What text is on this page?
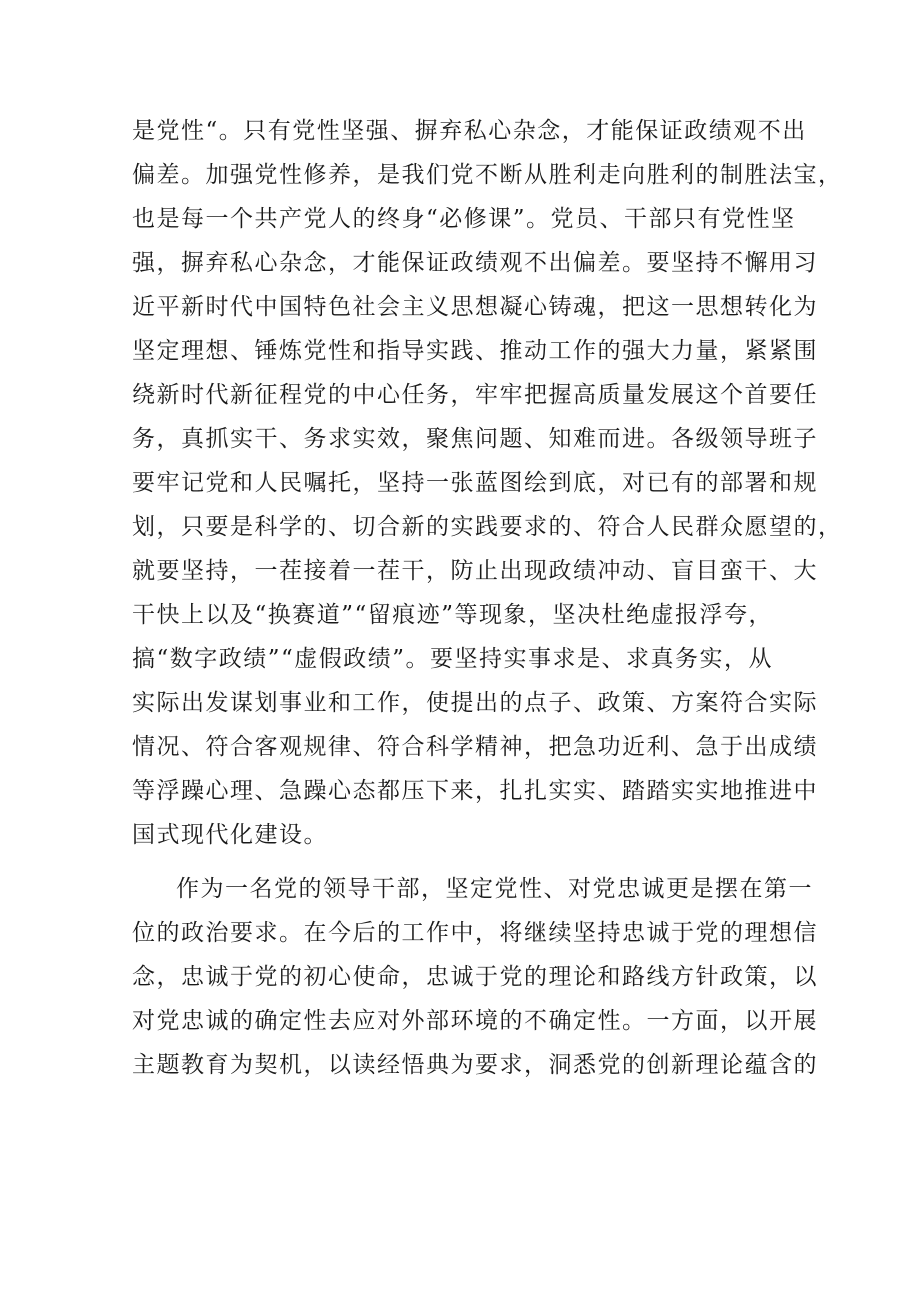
是党性“。只有党性坚强、摒弃私心杂念，才能保证政绩观不出
偏差。加强党性修养，是我们党不断从胜利走向胜利的制胜法宝，
也是每一个共产党人的终身“必修课”。党员、干部只有党性坚
强，摒弃私心杂念，才能保证政绩观不出偏差。要坚持不懈用习
近平新时代中国特色社会主义思想凝心铸魂，把这一思想转化为
坚定理想、锤炼党性和指导实践、推动工作的强大力量，紧紧围
绕新时代新征程党的中心任务，牢牢把握高质量发展这个首要任
务，真抓实干、务求实效，聚焦问题、知难而进。各级领导班子
要牢记党和人民嘱托，坚持一张蓝图绘到底，对已有的部署和规
划，只要是科学的、切合新的实践要求的、符合人民群众愿望的，
就要坚持，一茬接着一茬干，防止出现政绩冲动、盲目蛮干、大
干快上以及“换赛道”“留痕迹”等现象，坚决杜绝虚报浮夸，
搞“数字政绩”“虚假政绩”。要坚持实事求是、求真务实，从
实际出发谋划事业和工作，使提出的点子、政策、方案符合实际
情况、符合客观规律、符合科学精神，把急功近利、急于出成绩
等浮躁心理、急躁心态都压下来，扎扎实实、踏踏实实地推进中
国式现代化建设。
作为一名党的领导干部，坚定党性、对党忠诚更是摆在第一
位的政治要求。在今后的工作中，将继续坚持忠诚于党的理想信
念，忠诚于党的初心使命，忠诚于党的理论和路线方针政策，以
对党忠诚的确定性去应对外部环境的不确定性。一方面，以开展
主题教育为契机，以读经悟典为要求，洞悉党的创新理论蕴含的
